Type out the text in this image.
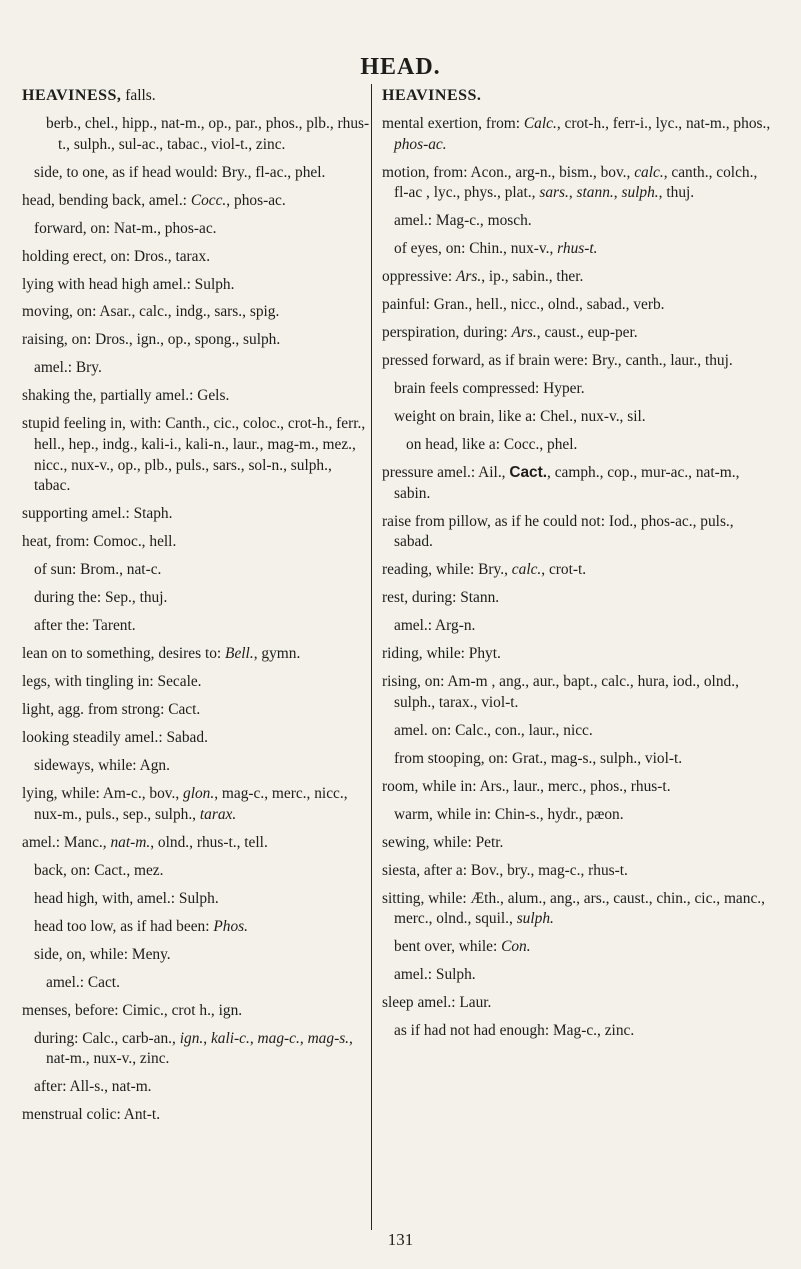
HEAD.
HEAVINESS, falls.
berb., chel., hipp., nat-m., op., par., phos., plb., rhus-t., sulph., sul-ac., tabac., viol-t., zinc.
side, to one, as if head would: Bry., fl-ac., phel.
head, bending back, amel.: Cocc., phos-ac.
forward, on: Nat-m., phos-ac.
holding erect, on: Dros., tarax.
lying with head high amel.: Sulph.
moving, on: Asar., calc., indg., sars., spig.
raising, on: Dros., ign., op., spong., sulph.
amel.: Bry.
shaking the, partially amel.: Gels.
stupid feeling in, with: Canth., cic., coloc., crot-h., ferr., hell., hep., indg., kali-i., kali-n., laur., mag-m., mez., nicc., nux-v., op., plb., puls., sars., sol-n., sulph., tabac.
supporting amel.: Staph.
heat, from: Comoc., hell.
of sun: Brom., nat-c.
during the: Sep., thuj.
after the: Tarent.
lean on to something, desires to: Bell., gymn.
legs, with tingling in: Secale.
light, agg. from strong: Cact.
looking steadily amel.: Sabad.
sideways, while: Agn.
lying, while: Am-c., bov., glon., mag-c., merc., nicc., nux-m., puls., sep., sulph., tarax.
amel.: Manc., nat-m., olnd., rhus-t., tell.
back, on: Cact., mez.
head high, with, amel.: Sulph.
head too low, as if had been: Phos.
side, on, while: Meny.
amel.: Cact.
menses, before: Cimic., crot h., ign.
during: Calc., carb-an., ign., kali-c., mag-c., mag-s., nat-m., nux-v., zinc.
after: All-s., nat-m.
menstrual colic: Ant-t.
HEAVINESS.
mental exertion, from: Calc., crot-h., ferr-i., lyc., nat-m., phos., phos-ac.
motion, from: Acon., arg-n., bism., bov., calc., canth., colch., fl-ac , lyc., phys., plat., sars., stann., sulph., thuj.
amel.: Mag-c., mosch.
of eyes, on: Chin., nux-v., rhus-t.
oppressive: Ars., ip., sabin., ther.
painful: Gran., hell., nicc., olnd., sabad., verb.
perspiration, during: Ars., caust., eup-per.
pressed forward, as if brain were: Bry., canth., laur., thuj.
brain feels compressed: Hyper.
weight on brain, like a: Chel., nux-v., sil.
on head, like a: Cocc., phel.
pressure amel.: Ail., Cact., camph., cop., mur-ac., nat-m., sabin.
raise from pillow, as if he could not: Iod., phos-ac., puls., sabad.
reading, while: Bry., calc., crot-t.
rest, during: Stann.
amel.: Arg-n.
riding, while: Phyt.
rising, on: Am-m , ang., aur., bapt., calc., hura, iod., olnd., sulph., tarax., viol-t.
amel. on: Calc., con., laur., nicc.
from stooping, on: Grat., mag-s., sulph., viol-t.
room, while in: Ars., laur., merc., phos., rhus-t.
warm, while in: Chin-s., hydr., pæon.
sewing, while: Petr.
siesta, after a: Bov., bry., mag-c., rhus-t.
sitting, while: Æth., alum., ang., ars., caust., chin., cic., manc., merc., olnd., squil., sulph.
bent over, while: Con.
amel.: Sulph.
sleep amel.: Laur.
as if had not had enough: Mag-c., zinc.
131
